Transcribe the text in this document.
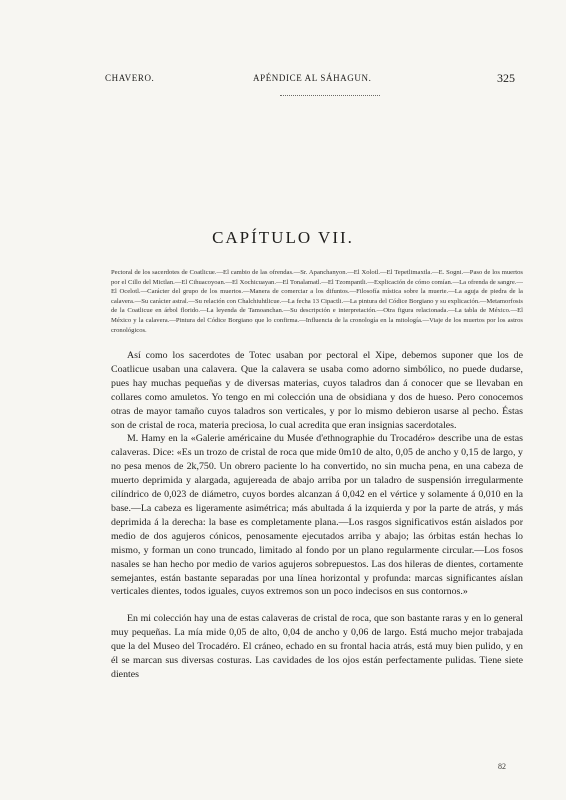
CHAVERO.	APÉNDICE AL SÁHAGUN.	325
CAPÍTULO VII.
Pectoral de los sacerdotes de Coatlicue.—El cambio de las ofrendas.—Sr. Apanchanyon.—El Xolotl.—El Tepetlimaxtla.—E. Sogni.—Paso de los muertos por el Cillo del Mictlan.—El Cihuacoyoan.—El Xochicuayan.—El Tonalamatl.—El Tzompantli.—Explicación de cómo comían.—La ofrenda de sangre.—El Ocelotl.—Carácter del grupo de los muertos.—Manera de comerciar a los difuntos.—Filosofía mística sobre la muerte.—La aguja de piedra de la calavera.—Su carácter astral.—Su relación con Chalchiuhtlicue.—La fecha 13 Cipactli.—La pintura del Códice Borgiano y su explicación.—Metamorfosis de la Coatlicue en árbol florido.—La leyenda de Tamoanchan.—Su descripción e interpretación.—Otra figura relacionada.—La tabla de México.—El México y la calavera.—Pintura del Códice Borgiano que lo confirma.—Influencia de la cronología en la mitología.—Viaje de los muertos por los astros cronológicos.

Así como los sacerdotes de Totec usaban por pectoral el Xipe, debemos suponer que los de Coatlicue usaban una calavera. Que la calavera se usaba como adorno simbólico, no puede dudarse, pues hay muchas pequeñas y de diversas materias, cuyos taladros dan á conocer que se llevaban en collares como amuletos. Yo tengo en mi colección una de obsidiana y dos de hueso. Pero conocemos otras de mayor tamaño cuyos taladros son verticales, y por lo mismo debieron usarse al pecho. Éstas son de cristal de roca, materia preciosa, lo cual acredita que eran insignias sacerdotales.

M. Hamy en la «Galerie américaine du Musée d'ethnographie du Trocadéro» describe una de estas calaveras. Dice: «Es un trozo de cristal de roca que mide 0m10 de alto, 0,05 de ancho y 0,15 de largo, y no pesa menos de 2k,750. Un obrero paciente lo ha convertido, no sin mucha pena, en una cabeza de muerto deprimida y alargada, agujereada de abajo arriba por un taladro de suspensión irregularmente cilíndrico de 0,023 de diámetro, cuyos bordes alcanzan á 0,042 en el vértice y solamente á 0,010 en la base.—La cabeza es ligeramente asimétrica; más abultada á la izquierda y por la parte de atrás, y más deprimida á la derecha: la base es completamente plana.—Los rasgos significativos están aislados por medio de dos agujeros cónicos, penosamente ejecutados arriba y abajo; las órbitas están hechas lo mismo, y forman un cono truncado, limitado al fondo por un plano regularmente circular.—Los fosos nasales se han hecho por medio de varios agujeros sobrepuestos. Las dos hileras de dientes, cortamente semejantes, están bastante separadas por una línea horizontal y profunda: marcas significantes aíslan verticales dientes, todos iguales, cuyos extremos son un poco indecisos en sus contornos.»

En mi colección hay una de estas calaveras de cristal de roca, que son bastante raras y en lo general muy pequeñas. La mía mide 0,05 de alto, 0,04 de ancho y 0,06 de largo. Está mucho mejor trabajada que la del Museo del Trocadéro. El cráneo, echado en su frontal hacia atrás, está muy bien pulido, y en él se marcan sus diversas costuras. Las cavidades de los ojos están perfectamente pulidas. Tiene siete dientes

82
